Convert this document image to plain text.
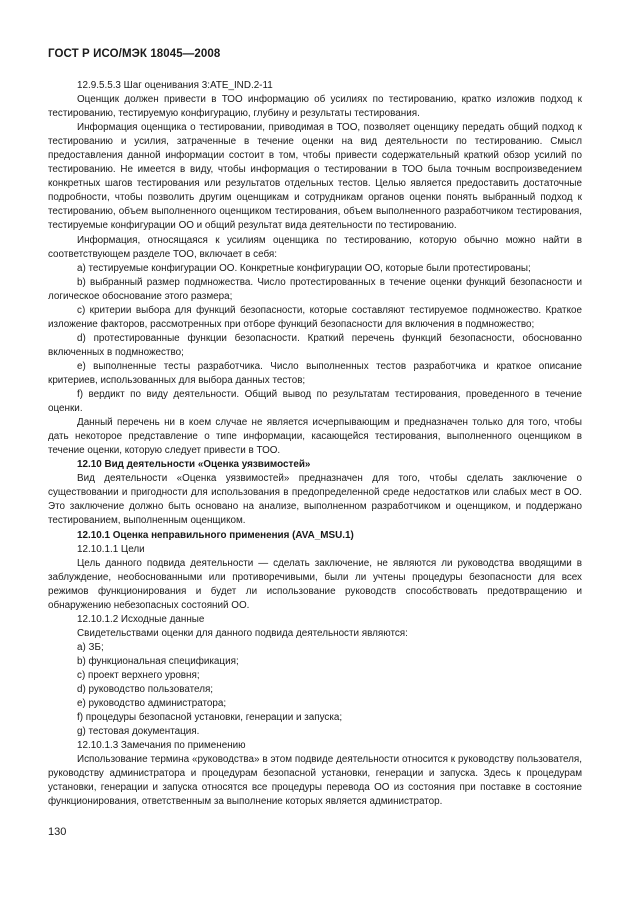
ГОСТ Р ИСО/МЭК 18045—2008

12.9.5.5.3 Шаг оценивания 3:ATE_IND.2-11

Оценщик должен привести в ТОО информацию об усилиях по тестированию, кратко изложив подход к тестированию, тестируемую конфигурацию, глубину и результаты тестирования.

Информация оценщика о тестировании, приводимая в ТОО, позволяет оценщику передать общий подход к тестированию и усилия, затраченные в течение оценки на вид деятельности по тестированию. Смысл предоставления данной информации состоит в том, чтобы привести содержательный краткий обзор усилий по тестированию. Не имеется в виду, чтобы информация о тестировании в ТОО была точным воспроизведением конкретных шагов тестирования или результатов отдельных тестов. Целью является предоставить достаточные подробности, чтобы позволить другим оценщикам и сотрудникам органов оценки понять выбранный подход к тестированию, объем выполненного оценщиком тестирования, объем выполненного разработчиком тестирования, тестируемые конфигурации ОО и общий результат вида деятельности по тестированию.

Информация, относящаяся к усилиям оценщика по тестированию, которую обычно можно найти в соответствующем разделе ТОО, включает в себя:

a) тестируемые конфигурации ОО. Конкретные конфигурации ОО, которые были протестированы;

b) выбранный размер подмножества. Число протестированных в течение оценки функций безопасности и логическое обоснование этого размера;

c) критерии выбора для функций безопасности, которые составляют тестируемое подмножество. Краткое изложение факторов, рассмотренных при отборе функций безопасности для включения в подмножество;

d) протестированные функции безопасности. Краткий перечень функций безопасности, обоснованно включенных в подмножество;

e) выполненные тесты разработчика. Число выполненных тестов разработчика и краткое описание критериев, использованных для выбора данных тестов;

f) вердикт по виду деятельности. Общий вывод по результатам тестирования, проведенного в течение оценки.

Данный перечень ни в коем случае не является исчерпывающим и предназначен только для того, чтобы дать некоторое представление о типе информации, касающейся тестирования, выполненного оценщиком в течение оценки, которую следует привести в ТОО.

12.10 Вид деятельности «Оценка уязвимостей»

Вид деятельности «Оценка уязвимостей» предназначен для того, чтобы сделать заключение о существовании и пригодности для использования в предопределенной среде недостатков или слабых мест в ОО. Это заключение должно быть основано на анализе, выполненном разработчиком и оценщиком, и поддержано тестированием, выполненным оценщиком.

12.10.1 Оценка неправильного применения (AVA_MSU.1)

12.10.1.1 Цели

Цель данного подвида деятельности — сделать заключение, не являются ли руководства вводящими в заблуждение, необоснованными или противоречивыми, были ли учтены процедуры безопасности для всех режимов функционирования и будет ли использование руководств способствовать предотвращению и обнаружению небезопасных состояний ОО.

12.10.1.2 Исходные данные

Свидетельствами оценки для данного подвида деятельности являются:

a) ЗБ;

b) функциональная спецификация;

c) проект верхнего уровня;

d) руководство пользователя;

e) руководство администратора;

f) процедуры безопасной установки, генерации и запуска;

g) тестовая документация.

12.10.1.3 Замечания по применению

Использование термина «руководства» в этом подвиде деятельности относится к руководству пользователя, руководству администратора и процедурам безопасной установки, генерации и запуска. Здесь к процедурам установки, генерации и запуска относятся все процедуры перевода ОО из состояния при поставке в состояние функционирования, ответственным за выполнение которых является администратор.

130
